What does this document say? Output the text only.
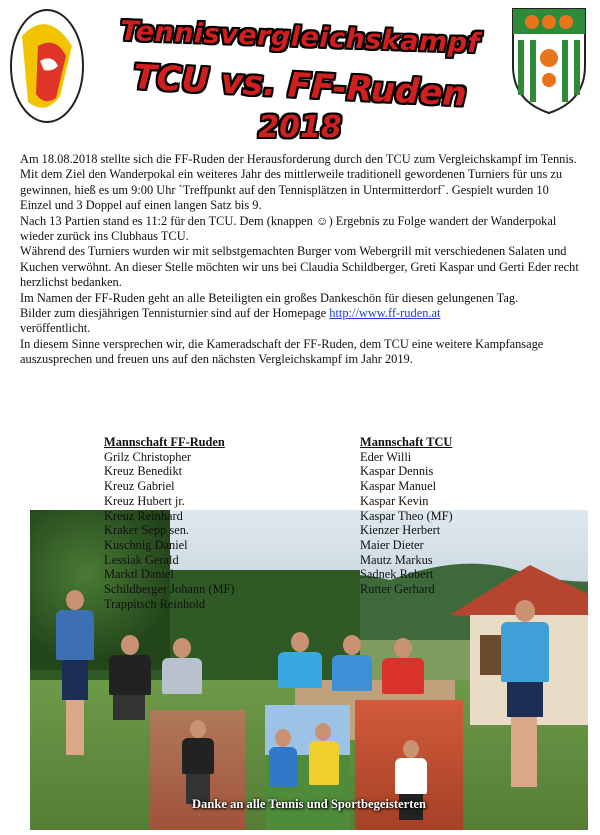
Tennisvergleichskampf
TCU vs. FF-Ruden
2018

Am 18.08.2018 stellte sich die FF-Ruden der Herausforderung durch den TCU zum Vergleichskampf im Tennis. Mit dem Ziel den Wanderpokal ein weiteres Jahr des mittlerweile traditionell gewordenen Turniers für uns zu gewinnen, hieß es um 9:00 Uhr `Treffpunkt auf den Tennisplätzen in Untermitterdorf`. Gespielt wurden 10 Einzel und 3 Doppel auf einen langen Satz bis 9.

Nach 13 Partien stand es 11:2 für den TCU. Dem (knappen ☺) Ergebnis zu Folge wandert der Wanderpokal wieder zurück ins Clubhaus TCU.

Während des Turniers wurden wir mit selbstgemachten Burger vom Webergrill mit verschiedenen Salaten und Kuchen verwöhnt. An dieser Stelle möchten wir uns bei Claudia Schildberger, Greti Kaspar und Gerti Eder recht herzlichst bedanken.

Im Namen der FF-Ruden geht an alle Beteiligten ein großes Dankeschön für diesen gelungenen Tag.

Bilder zum diesjährigen Tennisturnier sind auf der Homepage http://www.ff-ruden.at
veröffentlicht.

In diesem Sinne versprechen wir, die Kameradschaft der FF-Ruden, dem TCU eine weitere Kampfansage auszusprechen und freuen uns auf den nächsten Vergleichskampf im Jahr 2019.

Mannschaft FF-Ruden
Grilz Christopher
Kreuz Benedikt
Kreuz Gabriel
Kreuz Hubert jr.
Kreuz Reinhard
Kraker Sepp sen.
Kuschnig Daniel
Lessiak Gerald
Marktl Daniel
Schildberger Johann (MF)
Trappitsch Reinhold
Mannschaft TCU
Eder Willi
Kaspar Dennis
Kaspar Manuel
Kaspar Kevin
Kaspar Theo (MF)
Kienzer Herbert
Maier Dieter
Mautz Markus
Sadnek Robert
Rutter Gerhard
Danke an alle Tennis und Sportbegeisterten
